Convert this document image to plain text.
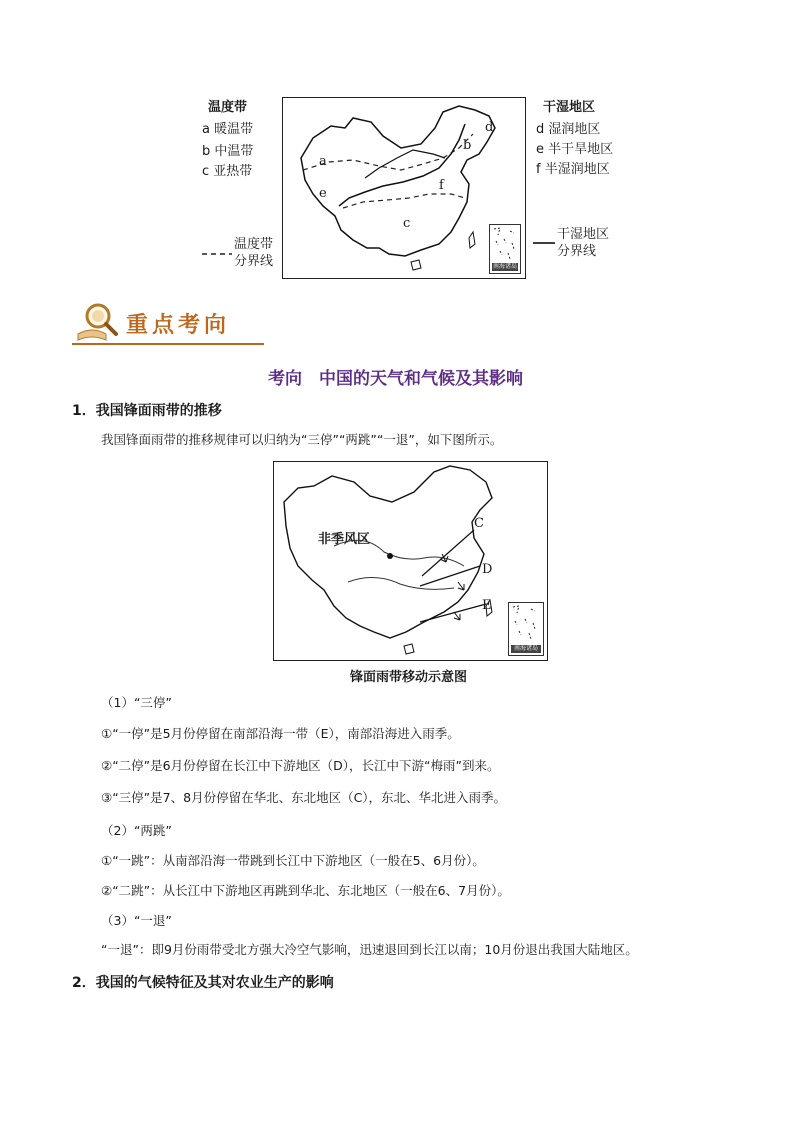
温度带
a 暖温带
b 中温带
c 亚热带
温度带
分界线
a
b
c
d
e
f
南海诸岛
干湿地区
d 湿润地区
e 半干旱地区
f 半湿润地区
干湿地区
分界线
重点考向
考向　中国的天气和气候及其影响
1．我国锋面雨带的推移
我国锋面雨带的推移规律可以归纳为“三停”“两跳”“一退”，如下图所示。
非季风区
C
D
E
南海诸岛
锋面雨带移动示意图
（1）“三停”
①“一停”是5月份停留在南部沿海一带（E），南部沿海进入雨季。
②“二停”是6月份停留在长江中下游地区（D），长江中下游“梅雨”到来。
③“三停”是7、8月份停留在华北、东北地区（C），东北、华北进入雨季。
（2）“两跳”
①“一跳”：从南部沿海一带跳到长江中下游地区（一般在5、6月份）。
②“二跳”：从长江中下游地区再跳到华北、东北地区（一般在6、7月份）。
（3）“一退”
“一退”：即9月份雨带受北方强大冷空气影响，迅速退回到长江以南；10月份退出我国大陆地区。
2．我国的气候特征及其对农业生产的影响
